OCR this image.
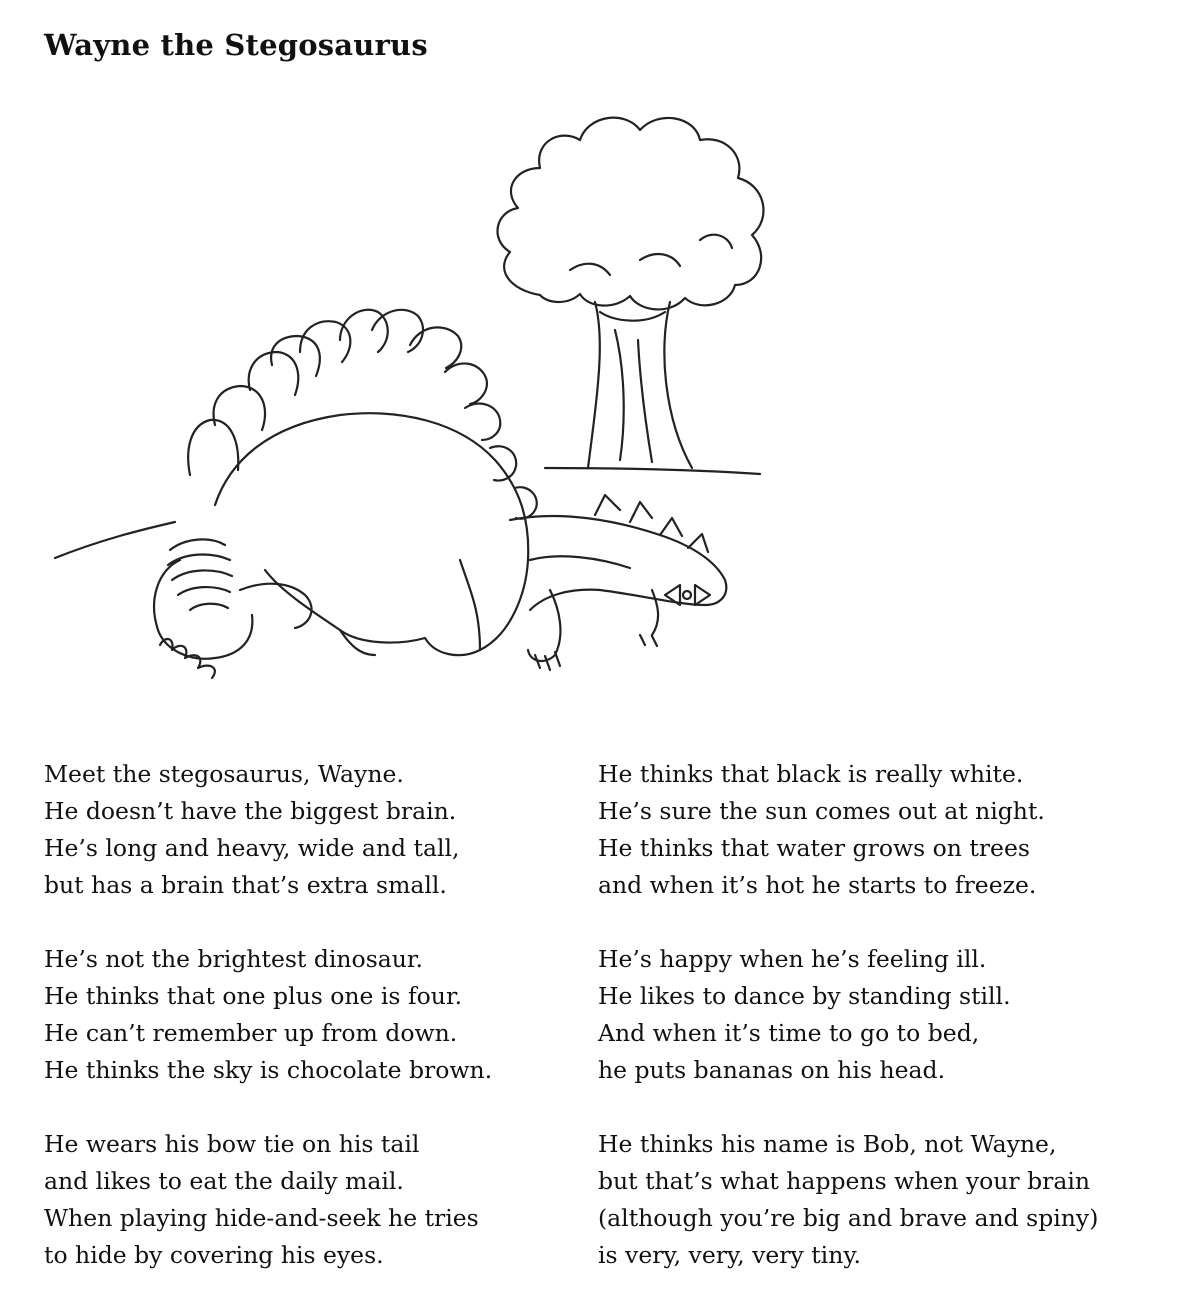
Wayne the Stegosaurus
Meet the stegosaurus, Wayne.
He doesn’t have the biggest brain.
He’s long and heavy, wide and tall,
but has a brain that’s extra small.
He’s not the brightest dinosaur.
He thinks that one plus one is four.
He can’t remember up from down.
He thinks the sky is chocolate brown.
He wears his bow tie on his tail
and likes to eat the daily mail.
When playing hide-and-seek he tries
to hide by covering his eyes.
He thinks that black is really white.
He’s sure the sun comes out at night.
He thinks that water grows on trees
and when it’s hot he starts to freeze.
He’s happy when he’s feeling ill.
He likes to dance by standing still.
And when it’s time to go to bed,
he puts bananas on his head.
He thinks his name is Bob, not Wayne,
but that’s what happens when your brain
(although you’re big and brave and spiny)
is very, very, very tiny.
